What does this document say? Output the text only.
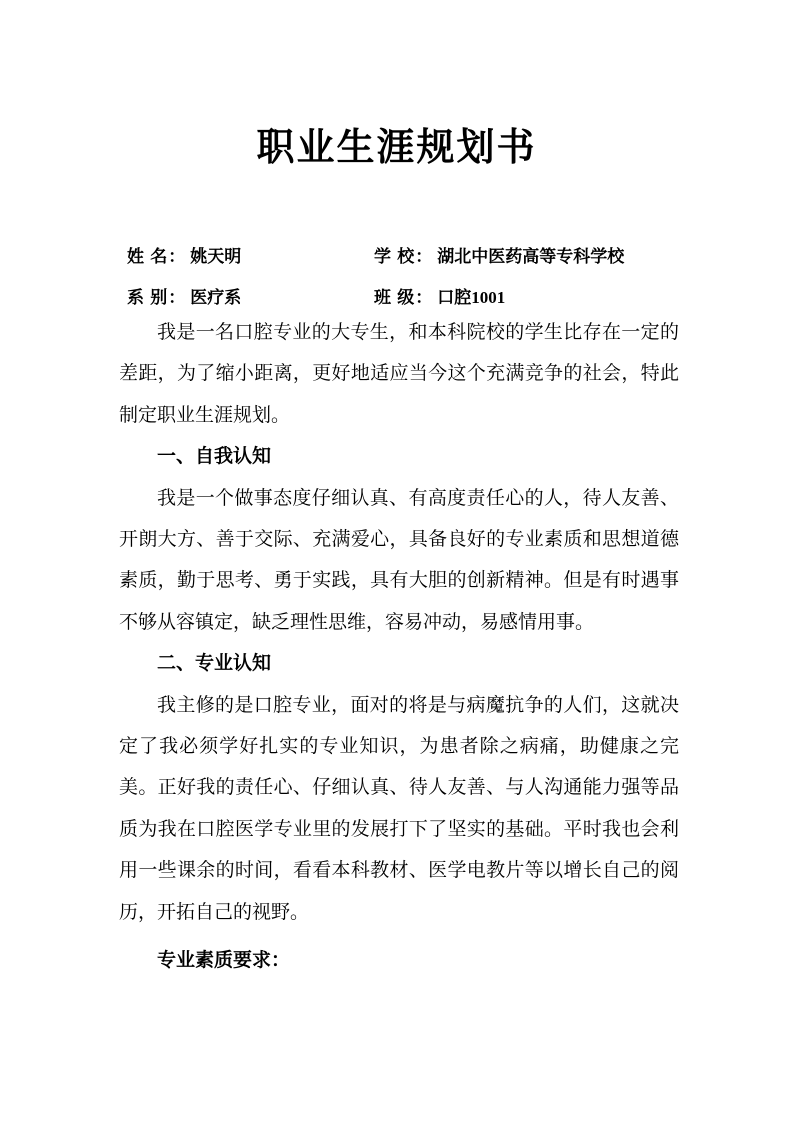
职业生涯规划书
姓 名： 姚天明	学 校： 湖北中医药高等专科学校
系 别： 医疗系	班 级： 口腔1001

我是一名口腔专业的大专生，和本科院校的学生比存在一定的差距，为了缩小距离，更好地适应当今这个充满竞争的社会，特此制定职业生涯规划。

一、自我认知

我是一个做事态度仔细认真、有高度责任心的人，待人友善、开朗大方、善于交际、充满爱心，具备良好的专业素质和思想道德素质，勤于思考、勇于实践，具有大胆的创新精神。但是有时遇事不够从容镇定，缺乏理性思维，容易冲动，易感情用事。

二、专业认知

我主修的是口腔专业，面对的将是与病魔抗争的人们，这就决定了我必须学好扎实的专业知识，为患者除之病痛，助健康之完美。正好我的责任心、仔细认真、待人友善、与人沟通能力强等品质为我在口腔医学专业里的发展打下了坚实的基础。平时我也会利用一些课余的时间，看看本科教材、医学电教片等以增长自己的阅历，开拓自己的视野。

专业素质要求：
